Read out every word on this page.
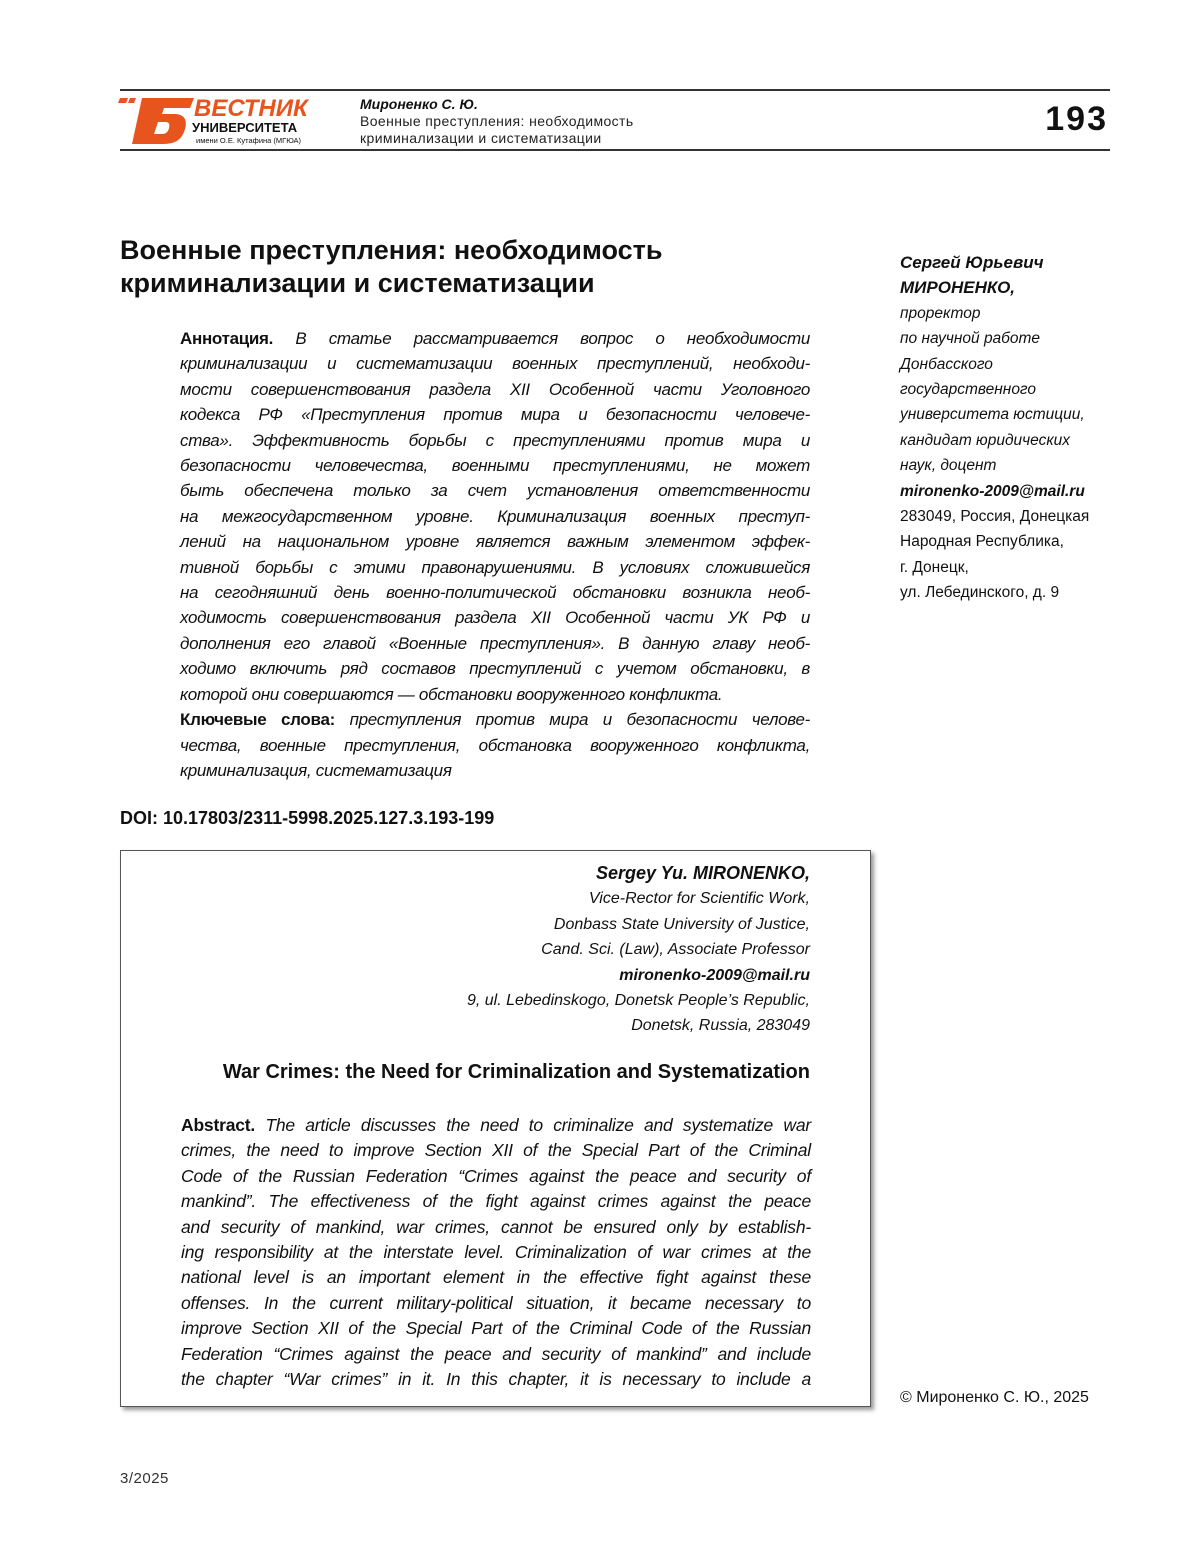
ВЕСТНИК
УНИВЕРСИТЕТА
имени О.Е. Кутафина (МГЮА)
Мироненко С. Ю.
Военные преступления: необходимость
криминализации и систематизации	193
Военные преступления: необходимость
криминализации и систематизации
Аннотация. В статье рассматривается вопрос о необходимости
криминализации и систематизации военных преступлений, необходи-
мости совершенствования раздела XII Особенной части Уголовного
кодекса РФ «Преступления против мира и безопасности человече-
ства». Эффективность борьбы с преступлениями против мира и
безопасности человечества, военными преступлениями, не может
быть обеспечена только за счет установления ответственности
на межгосударственном уровне. Криминализация военных преступ-
лений на национальном уровне является важным элементом эффек-
тивной борьбы с этими правонарушениями. В условиях сложившейся
на сегодняшний день военно-политической обстановки возникла необ-
ходимость совершенствования раздела XII Особенной части УК РФ и
дополнения его главой «Военные преступления». В данную главу необ-
ходимо включить ряд составов преступлений с учетом обстановки, в
которой они совершаются — обстановки вооруженного конфликта.
Ключевые слова: преступления против мира и безопасности челове-
чества, военные преступления, обстановка вооруженного конфликта,
криминализация, систематизация
DOI: 10.17803/2311-5998.2025.127.3.193-199
Сергей Юрьевич
МИРОНЕНКО,
проректор
по научной работе
Донбасского
государственного
университета юстиции,
кандидат юридических
наук, доцент
mironenko-2009@mail.ru
283049, Россия, Донецкая
Народная Республика,
г. Донецк,
ул. Лебединского, д. 9
© Мироненко С. Ю., 2025
Sergey Yu. MIRONENKO,
Vice-Rector for Scientific Work,
Donbass State University of Justice,
Cand. Sci. (Law), Associate Professor
mironenko-2009@mail.ru
9, ul. Lebedinskogo, Donetsk People’s Republic,
Donetsk, Russia, 283049
War Crimes: the Need for Criminalization and Systematization
Abstract. The article discusses the need to criminalize and systematize war
crimes, the need to improve Section XII of the Special Part of the Criminal
Code of the Russian Federation “Crimes against the peace and security of
mankind”. The effectiveness of the fight against crimes against the peace
and security of mankind, war crimes, cannot be ensured only by establish-
ing responsibility at the interstate level. Criminalization of war crimes at the
national level is an important element in the effective fight against these
offenses. In the current military-political situation, it became necessary to
improve Section XII of the Special Part of the Criminal Code of the Russian
Federation “Crimes against the peace and security of mankind” and include
the chapter “War crimes” in it. In this chapter, it is necessary to include a
3/2025
